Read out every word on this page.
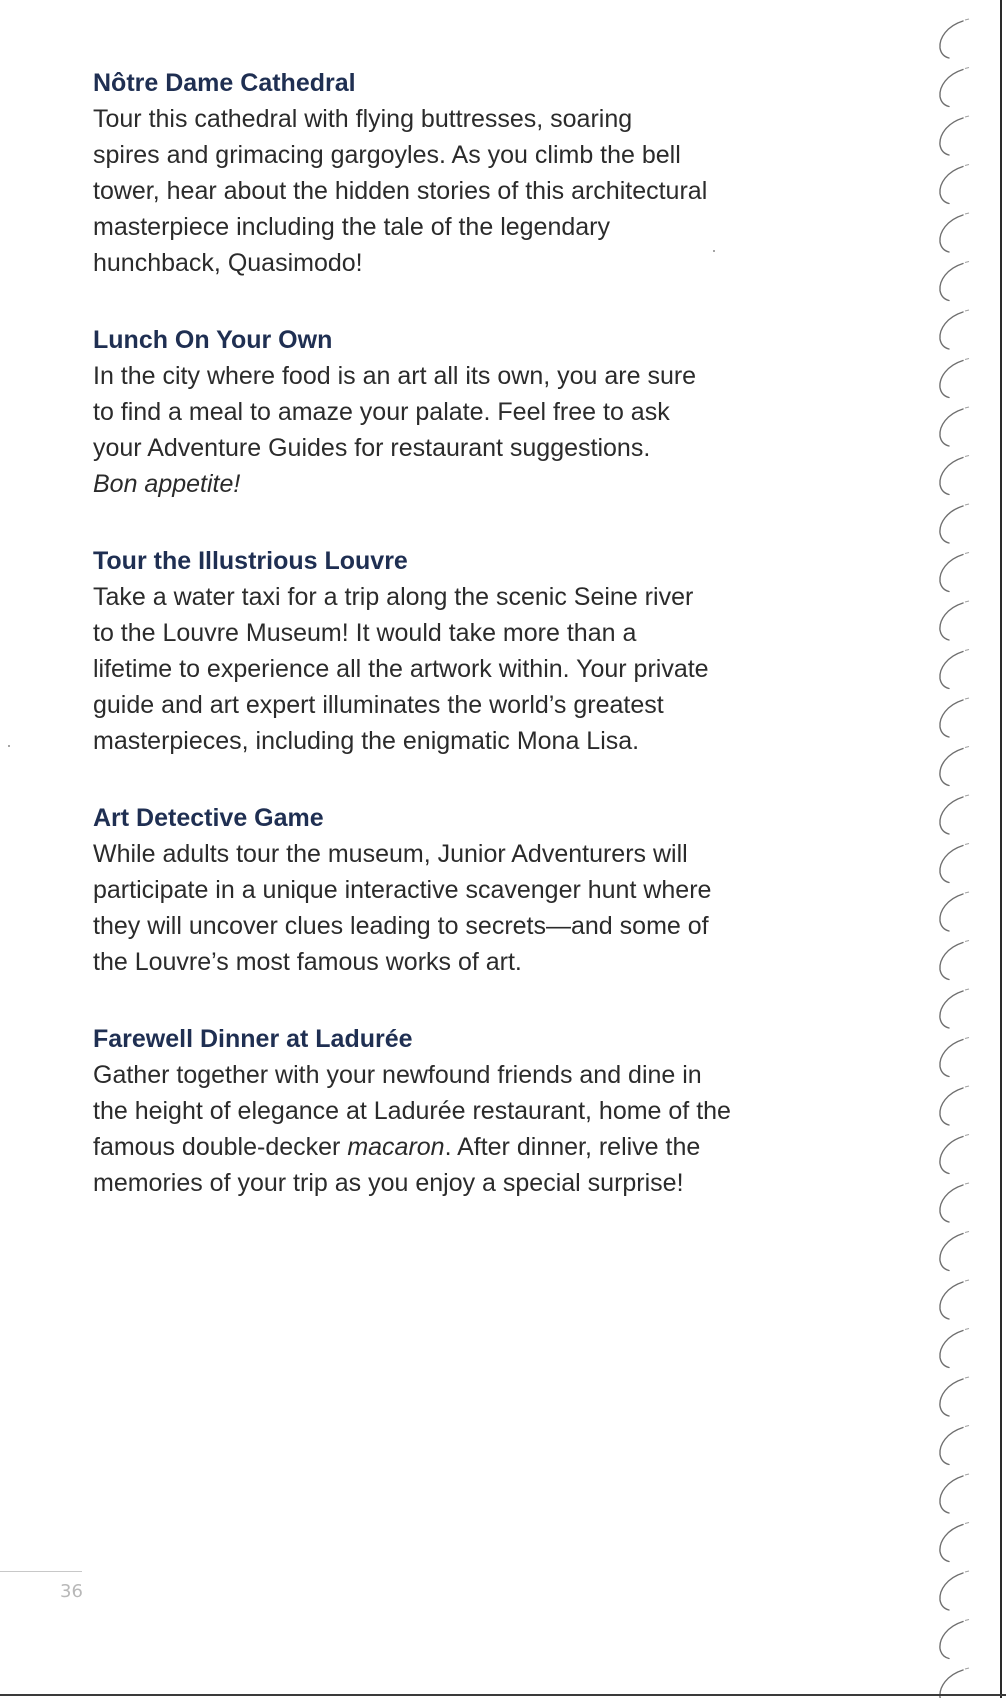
Nôtre Dame Cathedral
Tour this cathedral with flying buttresses, soaring
spires and grimacing gargoyles. As you climb the bell
tower, hear about the hidden stories of this architectural
masterpiece including the tale of the legendary
hunchback, Quasimodo!
Lunch On Your Own
In the city where food is an art all its own, you are sure
to find a meal to amaze your palate. Feel free to ask
your Adventure Guides for restaurant suggestions.
Bon appetite!
Tour the Illustrious Louvre
Take a water taxi for a trip along the scenic Seine river
to the Louvre Museum! It would take more than a
lifetime to experience all the artwork within. Your private
guide and art expert illuminates the world’s greatest
masterpieces, including the enigmatic Mona Lisa.
Art Detective Game
While adults tour the museum, Junior Adventurers will
participate in a unique interactive scavenger hunt where
they will uncover clues leading to secrets—and some of
the Louvre’s most famous works of art.
Farewell Dinner at Ladurée
Gather together with your newfound friends and dine in
the height of elegance at Ladurée restaurant, home of the
famous double-decker macaron. After dinner, relive the
memories of your trip as you enjoy a special surprise!
36
